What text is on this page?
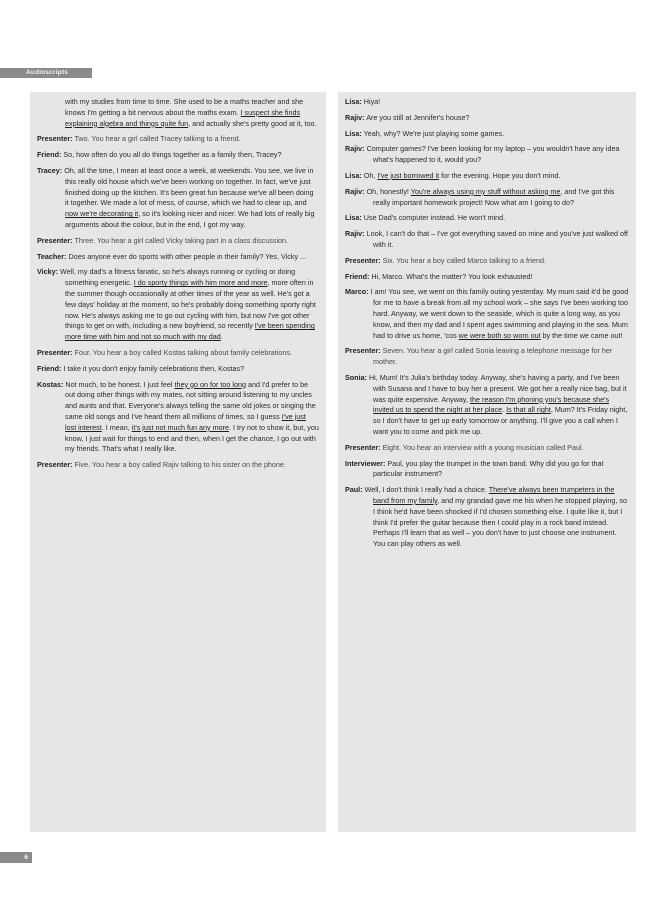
Audioscripts

with my studies from time to time. She used to be a maths teacher and she knows I'm getting a bit nervous about the maths exam. I suspect she finds explaining algebra and things quite fun, and actually she's pretty good at it, too.

Presenter: Two. You hear a girl called Tracey talking to a friend.

Friend: So, how often do you all do things together as a family then, Tracey?

Tracey: Oh, all the time, I mean at least once a week, at weekends. You see, we live in this really old house which we've been working on together. In fact, we've just finished doing up the kitchen. It's been great fun because we've all been doing it together. We made a lot of mess, of course, which we had to clear up, and now we're decorating it, so it's looking nicer and nicer. We had lots of really big arguments about the colour, but in the end, I got my way.

Presenter: Three. You hear a girl called Vicky taking part in a class discussion.

Teacher: Does anyone ever do sports with other people in their family? Yes, Vicky ...

Vicky: Well, my dad's a fitness fanatic, so he's always running or cycling or doing something energetic. I do sporty things with him more and more, more often in the summer though occasionally at other times of the year as well. He's got a few days' holiday at the moment, so he's probably doing something sporty right now. He's always asking me to go out cycling with him, but now I've got other things to get on with, including a new boyfriend, so recently I've been spending more time with him and not so much with my dad.

Presenter: Four. You hear a boy called Kostas talking about family celebrations.

Friend: I take it you don't enjoy family celebrations then, Kostas?

Kostas: Not much, to be honest. I just feel they go on for too long and I'd prefer to be out doing other things with my mates, not sitting around listening to my uncles and aunts and that. Everyone's always telling the same old jokes or singing the same old songs and I've heard them all millions of times, so I guess I've just lost interest. I mean, it's just not much fun any more. I try not to show it, but, you know, I just wait for things to end and then, when I get the chance, I go out with my friends. That's what I really like.

Presenter: Five. You hear a boy called Rajiv talking to his sister on the phone.

Lisa: Hiya!

Rajiv: Are you still at Jennifer's house?

Lisa: Yeah, why? We're just playing some games.

Rajiv: Computer games? I've been looking for my laptop – you wouldn't have any idea what's happened to it, would you?

Lisa: Oh, I've just borrowed it for the evening. Hope you don't mind.

Rajiv: Oh, honestly! You're always using my stuff without asking me, and I've got this really important homework project! Now what am I going to do?

Lisa: Use Dad's computer instead. He won't mind.

Rajiv: Look, I can't do that – I've got everything saved on mine and you've just walked off with it.

Presenter: Six. You hear a boy called Marco talking to a friend.

Friend: Hi, Marco. What's the matter? You look exhausted!

Marco: I am! You see, we went on this family outing yesterday. My mum said it'd be good for me to have a break from all my school work – she says I've been working too hard. Anyway, we went down to the seaside, which is quite a long way, as you know, and then my dad and I spent ages swimming and playing in the sea. Mum had to drive us home, 'cos we were both so worn out by the time we came out!

Presenter: Seven. You hear a girl called Sonia leaving a telephone message for her mother.

Sonia: Hi, Mum! It's Julia's birthday today. Anyway, she's having a party, and I've been with Susana and I have to buy her a present. We got her a really nice bag, but it was quite expensive. Anyway, the reason I'm phoning you's because she's invited us to spend the night at her place. Is that all right, Mum? It's Friday night, so I don't have to get up early tomorrow or anything. I'll give you a call when I want you to come and pick me up.

Presenter: Eight. You hear an interview with a young musician called Paul.

Interviewer: Paul, you play the trumpet in the town band. Why did you go for that particular instrument?

Paul: Well, I don't think I really had a choice. There've always been trumpeters in the band from my family, and my grandad gave me his when he stopped playing, so I think he'd have been shocked if I'd chosen something else. I quite like it, but I think I'd prefer the guitar because then I could play in a rock band instead. Perhaps I'll learn that as well – you don't have to just choose one instrument. You can play others as well.

6
